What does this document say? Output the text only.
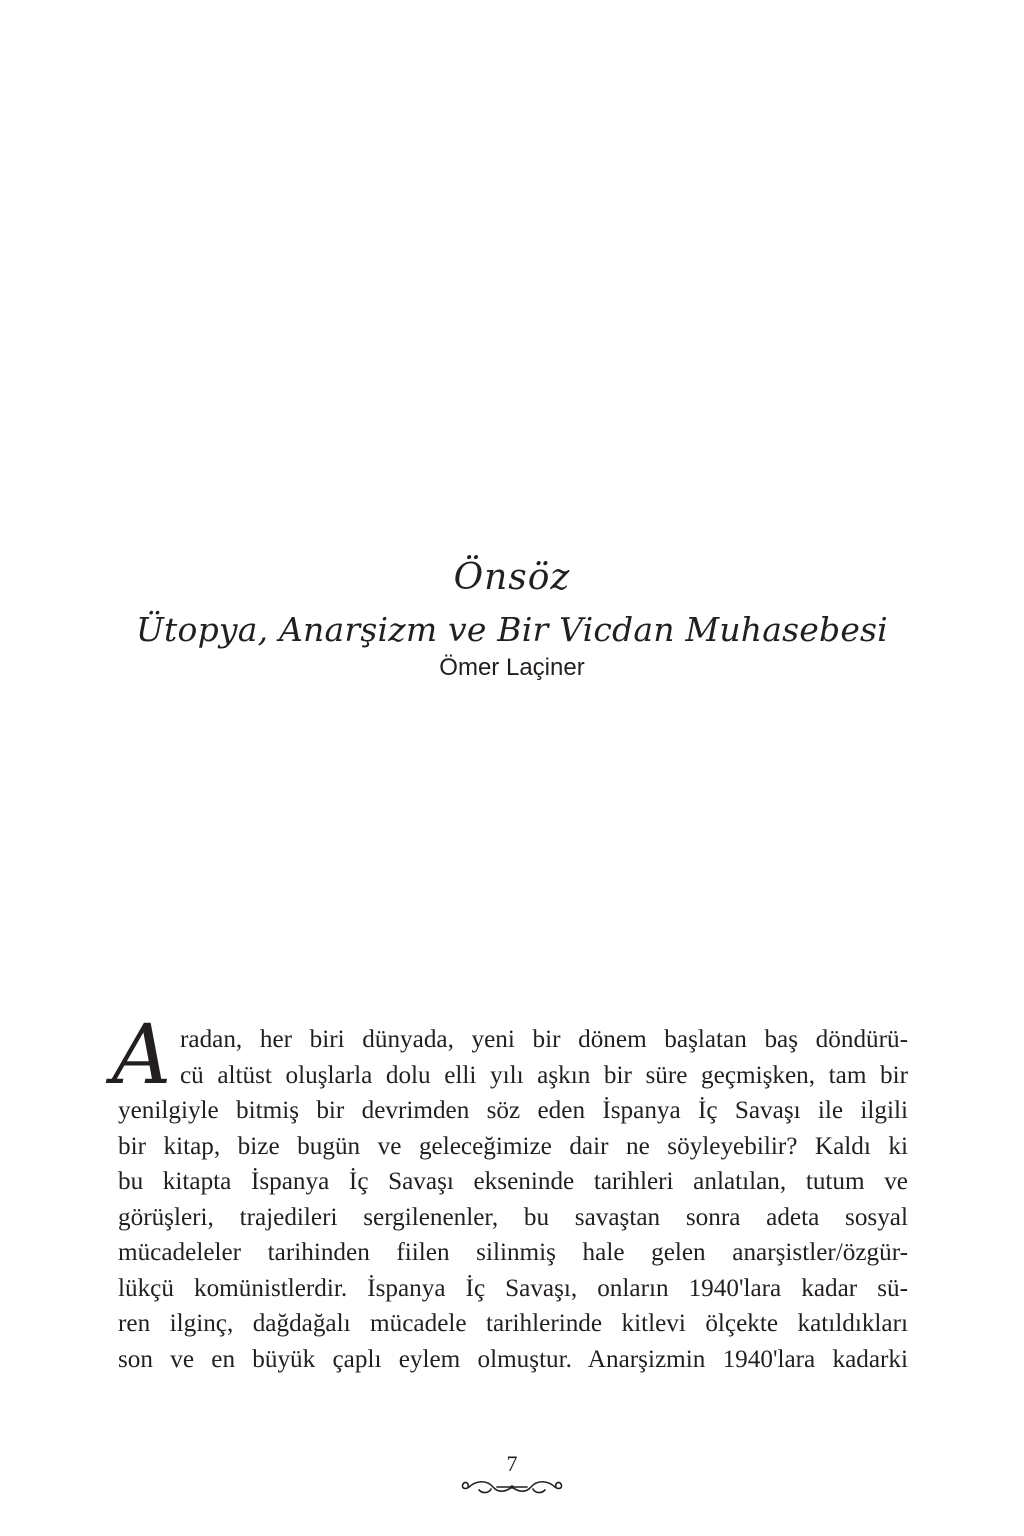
Önsöz
Ütopya, Anarşizm ve Bir Vicdan Muhasebesi
Ömer Laçiner
A radan, her biri dünyada, yeni bir dönem başlatan baş döndürü-
cü altüst oluşlarla dolu elli yılı aşkın bir süre geçmişken, tam bir
yenilgiyle bitmiş bir devrimden söz eden İspanya İç Savaşı ile ilgili
bir kitap, bize bugün ve geleceğimize dair ne söyleyebilir? Kaldı ki
bu kitapta İspanya İç Savaşı ekseninde tarihleri anlatılan, tutum ve
görüşleri, trajedileri sergilenenler, bu savaştan sonra adeta sosyal
mücadeleler tarihinden fiilen silinmiş hale gelen anarşistler/özgür-
lükçü komünistlerdir. İspanya İç Savaşı, onların 1940'lara kadar sü-
ren ilginç, dağdağalı mücadele tarihlerinde kitlevi ölçekte katıldıkları
son ve en büyük çaplı eylem olmuştur. Anarşizmin 1940'lara kadarki
7
